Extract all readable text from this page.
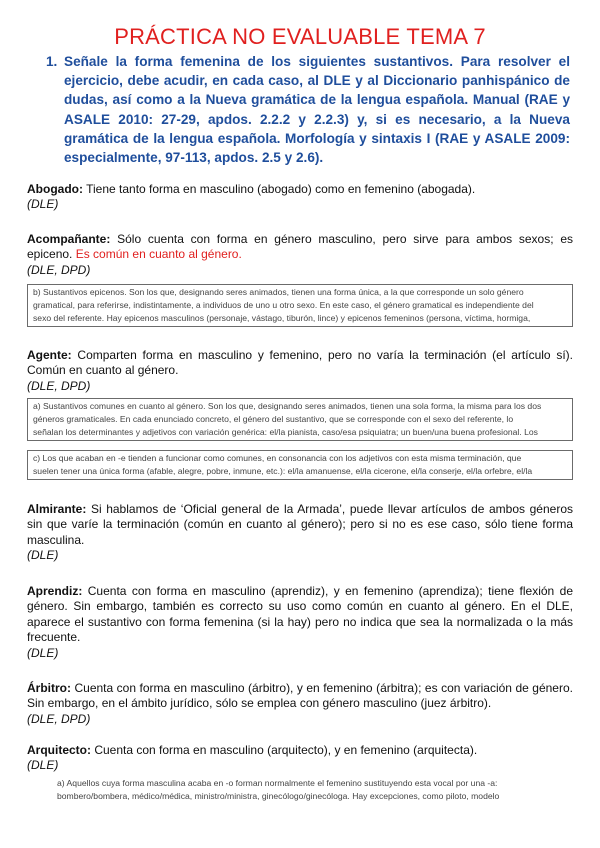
PRÁCTICA NO EVALUABLE TEMA 7
1. Señale la forma femenina de los siguientes sustantivos. Para resolver el ejercicio, debe acudir, en cada caso, al DLE y al Diccionario panhispánico de dudas, así como a la Nueva gramática de la lengua española. Manual (RAE y ASALE 2010: 27-29, apdos. 2.2.2 y 2.2.3) y, si es necesario, a la Nueva gramática de la lengua española. Morfología y sintaxis I (RAE y ASALE 2009: especialmente, 97-113, apdos. 2.5 y 2.6).
Abogado: Tiene tanto forma en masculino (abogado) como en femenino (abogada).
(DLE)
Acompañante: Sólo cuenta con forma en género masculino, pero sirve para ambos sexos; es epiceno. Es común en cuanto al género.
(DLE, DPD)
b) Sustantivos epicenos. Son los que, designando seres animados, tienen una forma única, a la que corresponde un solo género
gramatical, para referirse, indistintamente, a individuos de uno u otro sexo. En este caso, el género gramatical es independiente del
sexo del referente. Hay epicenos masculinos (personaje, vástago, tiburón, lince) y epicenos femeninos (persona, víctima, hormiga,
Agente: Comparten forma en masculino y femenino, pero no varía la terminación (el artículo sí). Común en cuanto al género.
(DLE, DPD)
a) Sustantivos comunes en cuanto al género. Son los que, designando seres animados, tienen una sola forma, la misma para los dos
géneros gramaticales. En cada enunciado concreto, el género del sustantivo, que se corresponde con el sexo del referente, lo
señalan los determinantes y adjetivos con variación genérica: el/la pianista, caso/esa psiquiatra; un buen/una buena profesional. Los
c) Los que acaban en -e tienden a funcionar como comunes, en consonancia con los adjetivos con esta misma terminación, que
suelen tener una única forma (afable, alegre, pobre, inmune, etc.): el/la amanuense, el/la cicerone, el/la conserje, el/la orfebre, el/la
Almirante: Si hablamos de ‘Oficial general de la Armada’, puede llevar artículos de ambos géneros sin que varíe la terminación (común en cuanto al género); pero si no es ese caso, sólo tiene forma masculina.
(DLE)
Aprendiz: Cuenta con forma en masculino (aprendiz), y en femenino (aprendiza); tiene flexión de género. Sin embargo, también es correcto su uso como común en cuanto al género. En el DLE, aparece el sustantivo con forma femenina (si la hay) pero no indica que sea la normalizada o la más frecuente.
(DLE)
Árbitro: Cuenta con forma en masculino (árbitro), y en femenino (árbitra); es con variación de género. Sin embargo, en el ámbito jurídico, sólo se emplea con género masculino (juez árbitro).
(DLE, DPD)
Arquitecto: Cuenta con forma en masculino (arquitecto), y en femenino (arquitecta).
(DLE)
a) Aquellos cuya forma masculina acaba en -o forman normalmente el femenino sustituyendo esta vocal por una -a:
bombero/bombera, médico/médica, ministro/ministra, ginecólogo/ginecóloga. Hay excepciones, como piloto, modelo
